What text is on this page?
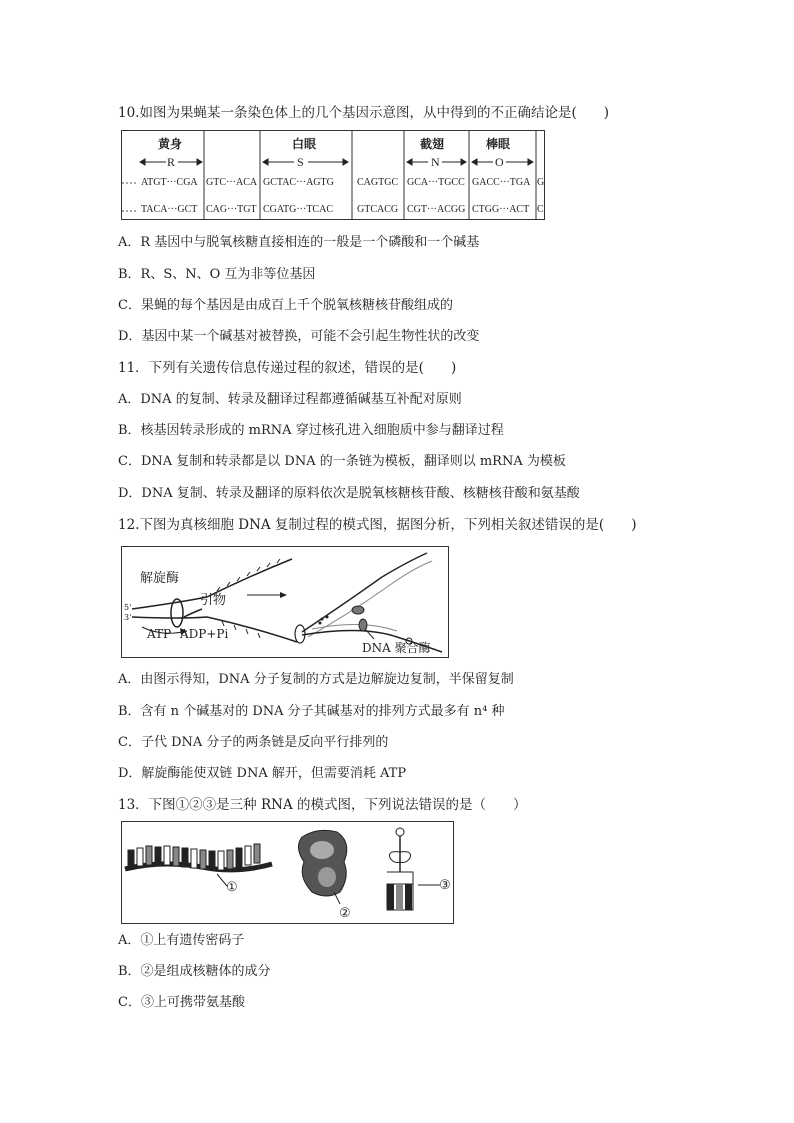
10.如图为果蝇某一条染色体上的几个基因示意图，从中得到的不正确结论是(　　)
黄身	白眼	截翅	棒眼
R	S	N	O
ATGT···CGA GTC···ACA GCTAC···AGTG CAGTGC GCA···TGCC GACC···TGA G
TACA···GCT CAG···TGT CGATG···TCAC GTCACG CGT···ACGG CTGG···ACT C
A．R 基因中与脱氧核糖直接相连的一般是一个磷酸和一个碱基
B．R、S、N、O 互为非等位基因
C．果蝇的每个基因是由成百上千个脱氧核糖核苷酸组成的
D．基因中某一个碱基对被替换，可能不会引起生物性状的改变
11．下列有关遗传信息传递过程的叙述，错误的是(　　)
A．DNA 的复制、转录及翻译过程都遵循碱基互补配对原则
B．核基因转录形成的 mRNA 穿过核孔进入细胞质中参与翻译过程
C．DNA 复制和转录都是以 DNA 的一条链为模板，翻译则以 mRNA 为模板
D．DNA 复制、转录及翻译的原料依次是脱氧核糖核苷酸、核糖核苷酸和氨基酸
12.下图为真核细胞 DNA 复制过程的模式图，据图分析，下列相关叙述错误的是(　　)
解旋酶
引物
5'
3'
ATP ADP+Pi
DNA 聚合酶
A．由图示得知，DNA 分子复制的方式是边解旋边复制，半保留复制
B．含有 n 个碱基对的 DNA 分子其碱基对的排列方式最多有 n⁴ 种
C．子代 DNA 分子的两条链是反向平行排列的
D．解旋酶能使双链 DNA 解开，但需要消耗 ATP
13．下图①②③是三种 RNA 的模式图，下列说法错误的是（　　）
①
②
③
A．①上有遗传密码子
B．②是组成核糖体的成分
C．③上可携带氨基酸
